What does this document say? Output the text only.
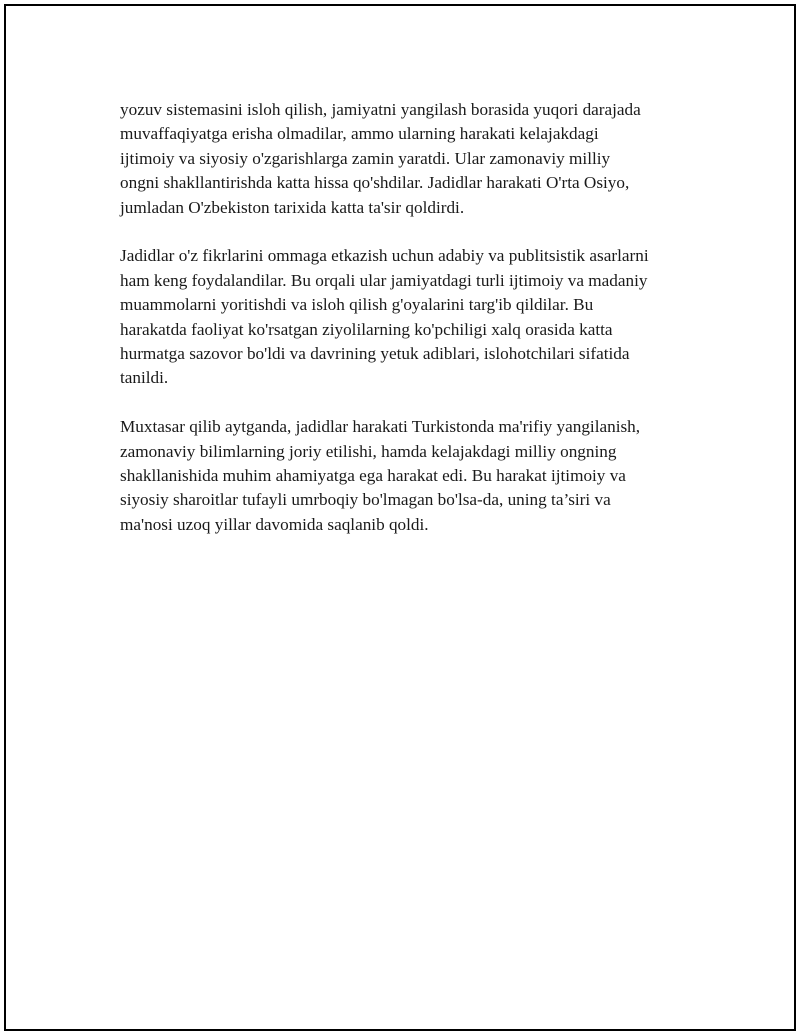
yozuv sistemasini isloh qilish, jamiyatni yangilash borasida yuqori darajada
muvaffaqiyatga erisha olmadilar, ammo ularning harakati kelajakdagi
ijtimoiy va siyosiy o'zgarishlarga zamin yaratdi. Ular zamonaviy milliy
ongni shakllantirishda katta hissa qo'shdilar. Jadidlar harakati O'rta Osiyo,
jumladan O'zbekiston tarixida katta ta'sir qoldirdi.

Jadidlar o'z fikrlarini ommaga etkazish uchun adabiy va publitsistik asarlarni
ham keng foydalandilar. Bu orqali ular jamiyatdagi turli ijtimoiy va madaniy
muammolarni yoritishdi va isloh qilish g'oyalarini targ'ib qildilar. Bu
harakatda faoliyat ko'rsatgan ziyolilarning ko'pchiligi xalq orasida katta
hurmatga sazovor bo'ldi va davrining yetuk adiblari, islohotchilari sifatida
tanildi.

Muxtasar qilib aytganda, jadidlar harakati Turkistonda ma'rifiy yangilanish,
zamonaviy bilimlarning joriy etilishi, hamda kelajakdagi milliy ongning
shakllanishida muhim ahamiyatga ega harakat edi. Bu harakat ijtimoiy va
siyosiy sharoitlar tufayli umrboqiy bo'lmagan bo'lsa-da, uning ta’siri va
ma'nosi uzoq yillar davomida saqlanib qoldi.
